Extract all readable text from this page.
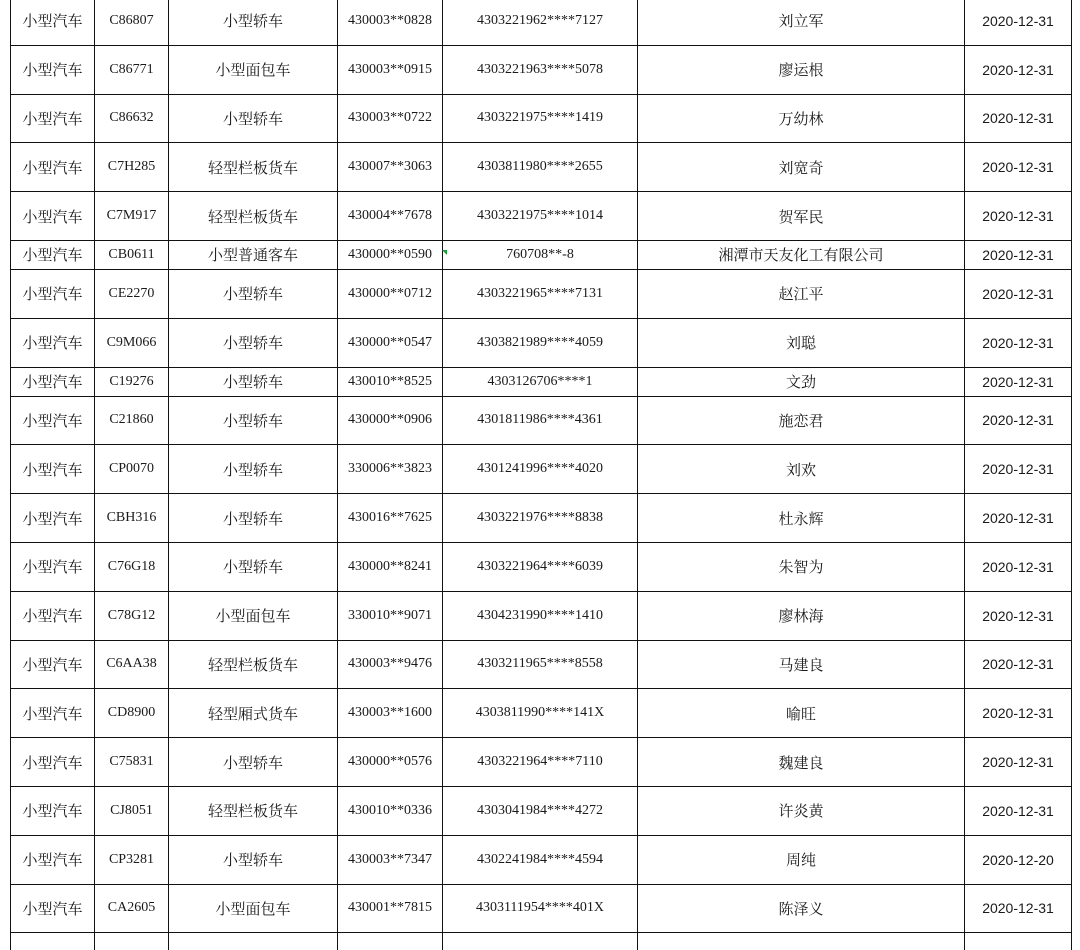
小型汽车	C86807	小型轿车	430003**0828	4303221962****7127	刘立军	2020-12-31
小型汽车	C86771	小型面包车	430003**0915	4303221963****5078	廖运根	2020-12-31
小型汽车	C86632	小型轿车	430003**0722	4303221975****1419	万幼林	2020-12-31
小型汽车	C7H285	轻型栏板货车	430007**3063	4303811980****2655	刘宽奇	2020-12-31
小型汽车	C7M917	轻型栏板货车	430004**7678	4303221975****1014	贺军民	2020-12-31
小型汽车	CB0611	小型普通客车	430000**0590	760708**-8	湘潭市天友化工有限公司	2020-12-31
小型汽车	CE2270	小型轿车	430000**0712	4303221965****7131	赵江平	2020-12-31
小型汽车	C9M066	小型轿车	430000**0547	4303821989****4059	刘聪	2020-12-31
小型汽车	C19276	小型轿车	430010**8525	4303126706****1	文劲	2020-12-31
小型汽车	C21860	小型轿车	430000**0906	4301811986****4361	施恋君	2020-12-31
小型汽车	CP0070	小型轿车	330006**3823	4301241996****4020	刘欢	2020-12-31
小型汽车	CBH316	小型轿车	430016**7625	4303221976****8838	杜永辉	2020-12-31
小型汽车	C76G18	小型轿车	430000**8241	4303221964****6039	朱智为	2020-12-31
小型汽车	C78G12	小型面包车	330010**9071	4304231990****1410	廖林海	2020-12-31
小型汽车	C6AA38	轻型栏板货车	430003**9476	4303211965****8558	马建良	2020-12-31
小型汽车	CD8900	轻型厢式货车	430003**1600	4303811990****141X	喻旺	2020-12-31
小型汽车	C75831	小型轿车	430000**0576	4303221964****7110	魏建良	2020-12-31
小型汽车	CJ8051	轻型栏板货车	430010**0336	4303041984****4272	许炎黄	2020-12-31
小型汽车	CP3281	小型轿车	430003**7347	4302241984****4594	周纯	2020-12-20
小型汽车	CA2605	小型面包车	430001**7815	4303111954****401X	陈泽义	2020-12-31
